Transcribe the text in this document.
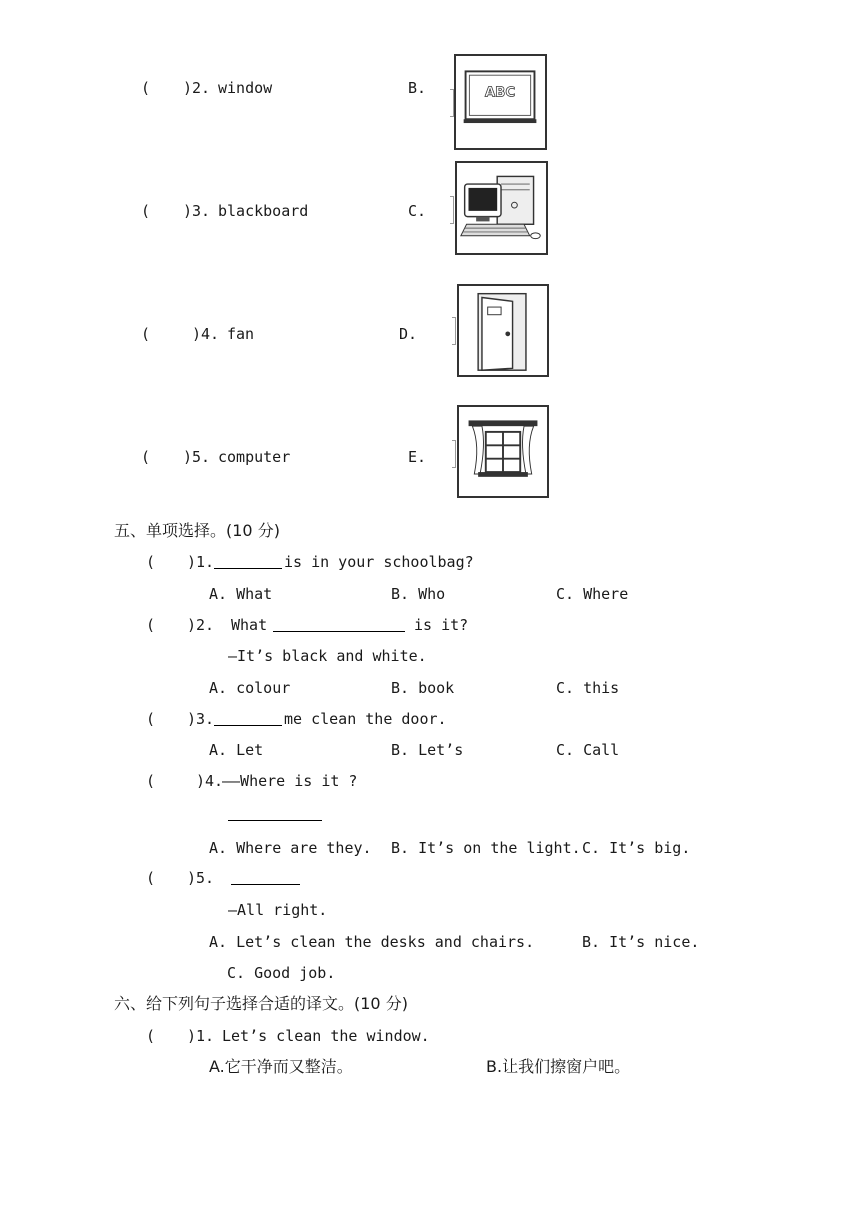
( ) 2. window	B.
( ) 3. blackboard	C.
(	) 4. fan	D.
( ) 5. computer	E.
ABC
五、单项选择。(10 分)
( ) 1.	is in your schoolbag?
A. What	B. Who	C. Where
( ) 2. What	is it?
—It’s black and white.
A. colour	B. book	C. this
( ) 3.	me clean the door.
A. Let	B. Let’s	C. Call
(	) 4.
——Where is it ?
A. Where are they. B. It’s on the light. C. It’s big.
( ) 5.
—All right.
A. Let’s clean the desks and chairs.	B. It’s nice.
C. Good job.
六、给下列句子选择合适的译文。(10 分)
( ) 1. Let’s clean the window.
A.它干净而又整洁。	B.让我们擦窗户吧。
